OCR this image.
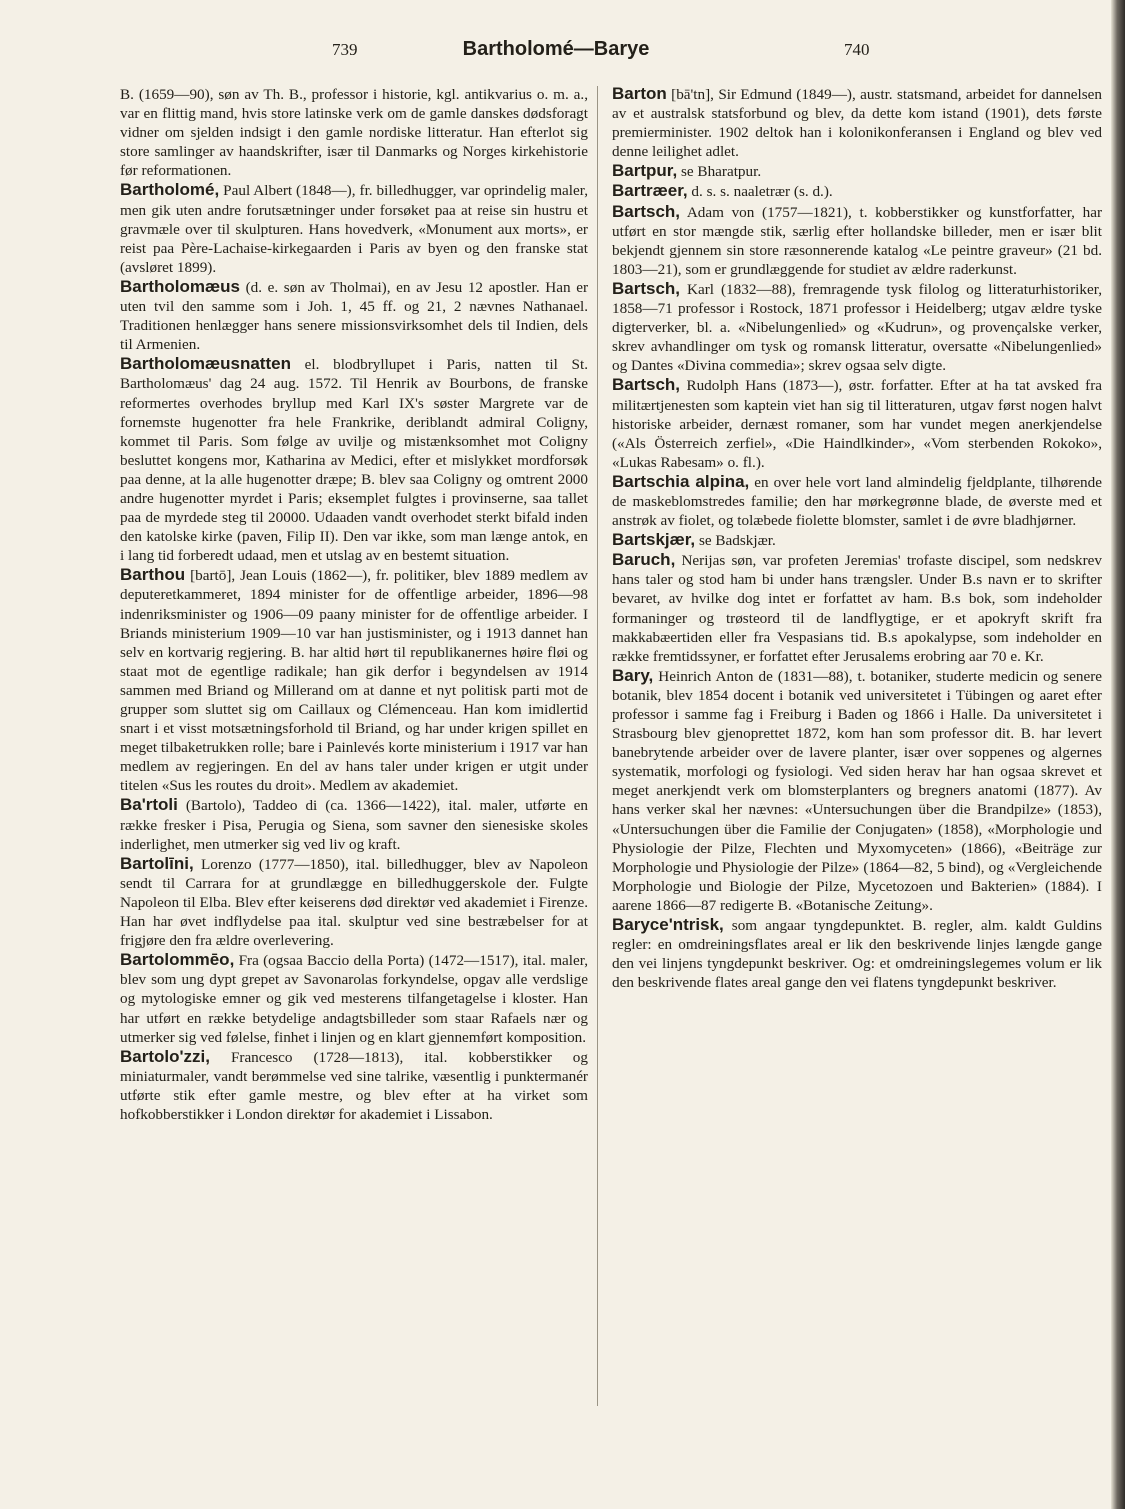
739	Bartholomé—Barye	740

B. (1659—90), søn av Th. B., professor i historie, kgl. antikvarius o. m. a., var en flittig mand, hvis store latinske verk om de gamle danskes dødsforagt vidner om sjelden indsigt i den gamle nordiske litteratur. Han efterlot sig store samlinger av haandskrifter, især til Danmarks og Norges kirkehistorie før reformationen.

Bartholomé, Paul Albert (1848—), fr. billedhugger, var oprindelig maler, men gik uten andre forutsætninger under forsøket paa at reise sin hustru et gravmæle over til skulpturen. Hans hovedverk, «Monument aux morts», er reist paa Père-Lachaise-kirkegaarden i Paris av byen og den franske stat (avsløret 1899).

Bartholomæus (d. e. søn av Tholmai), en av Jesu 12 apostler. Han er uten tvil den samme som i Joh. 1, 45 ff. og 21, 2 nævnes Nathanael. Traditionen henlægger hans senere missionsvirksomhet dels til Indien, dels til Armenien.

Bartholomæusnatten el. blodbryllupet i Paris, natten til St. Bartholomæus' dag 24 aug. 1572. Til Henrik av Bourbons, de franske reformertes overhodes bryllup med Karl IX's søster Margrete var de fornemste hugenotter fra hele Frankrike, deriblandt admiral Coligny, kommet til Paris. Som følge av uvilje og mistænksomhet mot Coligny besluttet kongens mor, Katharina av Medici, efter et mislykket mordforsøk paa denne, at la alle hugenotter dræpe; B. blev saa Coligny og omtrent 2000 andre hugenotter myrdet i Paris; eksemplet fulgtes i provinserne, saa tallet paa de myrdede steg til 20000. Udaaden vandt overhodet sterkt bifald inden den katolske kirke (paven, Filip II). Den var ikke, som man længe antok, en i lang tid forberedt udaad, men et utslag av en bestemt situation.

Barthou [bartō], Jean Louis (1862—), fr. politiker, blev 1889 medlem av deputeretkammeret, 1894 minister for de offentlige arbeider, 1896—98 indenriksminister og 1906—09 paany minister for de offentlige arbeider. I Briands ministerium 1909—10 var han justisminister, og i 1913 dannet han selv en kortvarig regjering. B. har altid hørt til republikanernes høire fløi og staat mot de egentlige radikale; han gik derfor i begyndelsen av 1914 sammen med Briand og Millerand om at danne et nyt politisk parti mot de grupper som sluttet sig om Caillaux og Clémenceau. Han kom imidlertid snart i et visst motsætningsforhold til Briand, og har under krigen spillet en meget tilbaketrukken rolle; bare i Painlevés korte ministerium i 1917 var han medlem av regjeringen. En del av hans taler under krigen er utgit under titelen «Sus les routes du droit». Medlem av akademiet.

Ba'rtoli (Bartolo), Taddeo di (ca. 1366—1422), ital. maler, utførte en række fresker i Pisa, Perugia og Siena, som savner den sienesiske skoles inderlighet, men utmerker sig ved liv og kraft.

Bartolīni, Lorenzo (1777—1850), ital. billedhugger, blev av Napoleon sendt til Carrara for at grundlægge en billedhuggerskole der. Fulgte Napoleon til Elba. Blev efter keiserens død direktør ved akademiet i Firenze. Han har øvet indflydelse paa ital. skulptur ved sine bestræbelser for at frigjøre den fra ældre overlevering.

Bartolommēo, Fra (ogsaa Baccio della Porta) (1472—1517), ital. maler, blev som ung dypt grepet av Savonarolas forkyndelse, opgav alle verdslige og mytologiske emner og gik ved mesterens tilfangetagelse i kloster. Han har utført en række betydelige andagtsbilleder som staar Rafaels nær og utmerker sig ved følelse, finhet i linjen og en klart gjennemført komposition.

Bartolo'zzi, Francesco (1728—1813), ital. kobberstikker og miniaturmaler, vandt berømmelse ved sine talrike, væsentlig i punktermanér utførte stik efter gamle mestre, og blev efter at ha virket som hofkobberstikker i London direktør for akademiet i Lissabon.

Barton [bā'tn], Sir Edmund (1849—), austr. statsmand, arbeidet for dannelsen av et australsk statsforbund og blev, da dette kom istand (1901), dets første premierminister. 1902 deltok han i kolonikonferansen i England og blev ved denne leilighet adlet.

Bartpur, se Bharatpur.

Bartræer, d. s. s. naaletrær (s. d.).

Bartsch, Adam von (1757—1821), t. kobberstikker og kunstforfatter, har utført en stor mængde stik, særlig efter hollandske billeder, men er især blit bekjendt gjennem sin store ræsonnerende katalog «Le peintre graveur» (21 bd. 1803—21), som er grundlæggende for studiet av ældre raderkunst.

Bartsch, Karl (1832—88), fremragende tysk filolog og litteraturhistoriker, 1858—71 professor i Rostock, 1871 professor i Heidelberg; utgav ældre tyske digterverker, bl. a. «Nibelungenlied» og «Kudrun», og provençalske verker, skrev avhandlinger om tysk og romansk litteratur, oversatte «Nibelungenlied» og Dantes «Divina commedia»; skrev ogsaa selv digte.

Bartsch, Rudolph Hans (1873—), østr. forfatter. Efter at ha tat avsked fra militærtjenesten som kaptein viet han sig til litteraturen, utgav først nogen halvt historiske arbeider, dernæst romaner, som har vundet megen anerkjendelse («Als Österreich zerfiel», «Die Haindlkinder», «Vom sterbenden Rokoko», «Lukas Rabesam» o. fl.).

Bartschia alpina, en over hele vort land almindelig fjeldplante, tilhørende de maskeblomstredes familie; den har mørkegrønne blade, de øverste med et anstrøk av fiolet, og tolæbede fiolette blomster, samlet i de øvre bladhjørner.

Bartskjær, se Badskjær.

Baruch, Nerijas søn, var profeten Jeremias' trofaste discipel, som nedskrev hans taler og stod ham bi under hans trængsler. Under B.s navn er to skrifter bevaret, av hvilke dog intet er forfattet av ham. B.s bok, som indeholder formaninger og trøsteord til de landflygtige, er et apokryft skrift fra makkabæertiden eller fra Vespasians tid. B.s apokalypse, som indeholder en række fremtidssyner, er forfattet efter Jerusalems erobring aar 70 e. Kr.

Bary, Heinrich Anton de (1831—88), t. botaniker, studerte medicin og senere botanik, blev 1854 docent i botanik ved universitetet i Tübingen og aaret efter professor i samme fag i Freiburg i Baden og 1866 i Halle. Da universitetet i Strasbourg blev gjenoprettet 1872, kom han som professor dit. B. har levert banebrytende arbeider over de lavere planter, især over soppenes og algernes systematik, morfologi og fysiologi. Ved siden herav har han ogsaa skrevet et meget anerkjendt verk om blomsterplanters og bregners anatomi (1877). Av hans verker skal her nævnes: «Untersuchungen über die Brandpilze» (1853), «Untersuchungen über die Familie der Conjugaten» (1858), «Morphologie und Physiologie der Pilze, Flechten und Myxomyceten» (1866), «Beiträge zur Morphologie und Physiologie der Pilze» (1864—82, 5 bind), og «Vergleichende Morphologie und Biologie der Pilze, Mycetozoen und Bakterien» (1884). I aarene 1866—87 redigerte B. «Botanische Zeitung».

Baryce'ntrisk, som angaar tyngdepunktet. B. regler, alm. kaldt Guldins regler: en omdreiningsflates areal er lik den beskrivende linjes længde gange den vei linjens tyngdepunkt beskriver. Og: et omdreiningslegemes volum er lik den beskrivende flates areal gange den vei flatens tyngdepunkt beskriver.
